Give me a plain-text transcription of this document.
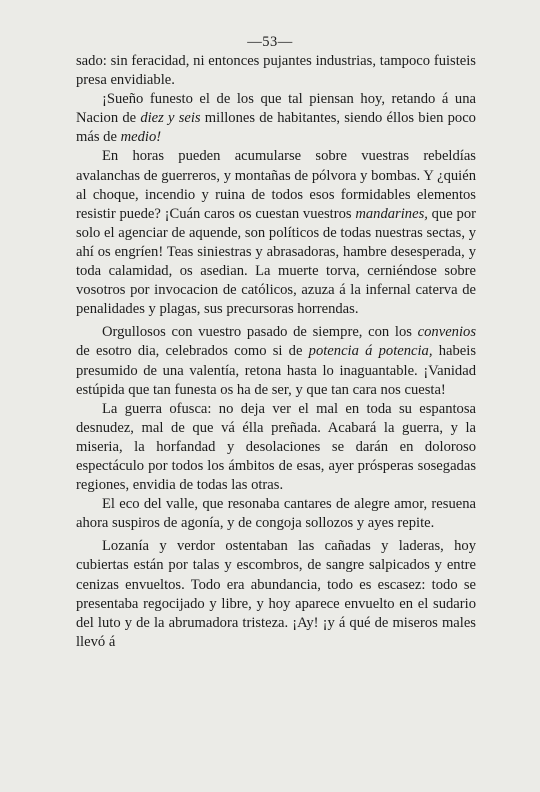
—53—

sado: sin feracidad, ni entonces pujantes industrias, tampoco fuisteis presa envidiable.

¡Sueño funesto el de los que tal piensan hoy, retando á una Nacion de diez y seis millones de habitantes, siendo éllos bien poco más de medio!

En horas pueden acumularse sobre vuestras rebeldías avalanchas de guerreros, y montañas de pólvora y bombas. Y ¿quién al choque, incendio y ruina de todos esos formidables elementos resistir puede? ¡Cuán caros os cuestan vuestros mandarines, que por solo el agenciar de aquende, son políticos de todas nuestras sectas, y ahí os engríen! Teas siniestras y abrasadoras, hambre desesperada, y toda calamidad, os asedian. La muerte torva, cerniéndose sobre vosotros por invocacion de católicos, azuza á la infernal caterva de penalidades y plagas, sus precursoras horrendas.

Orgullosos con vuestro pasado de siempre, con los convenios de esotro dia, celebrados como si de potencia á potencia, habeis presumido de una valentía, retona hasta lo inaguantable. ¡Vanidad estúpida que tan funesta os ha de ser, y que tan cara nos cuesta!

La guerra ofusca: no deja ver el mal en toda su espantosa desnudez, mal de que vá élla preñada. Acabará la guerra, y la miseria, la horfandad y desolaciones se darán en doloroso espectáculo por todos los ámbitos de esas, ayer prósperas sosegadas regiones, envidia de todas las otras.

El eco del valle, que resonaba cantares de alegre amor, resuena ahora suspiros de agonía, y de congoja sollozos y ayes repite.

Lozanía y verdor ostentaban las cañadas y laderas, hoy cubiertas están por talas y escombros, de sangre salpicados y entre cenizas envueltos. Todo era abundancia, todo es escasez: todo se presentaba regocijado y libre, y hoy aparece envuelto en el sudario del luto y de la abrumadora tristeza. ¡Ay! ¡y á qué de miseros males llevó á
